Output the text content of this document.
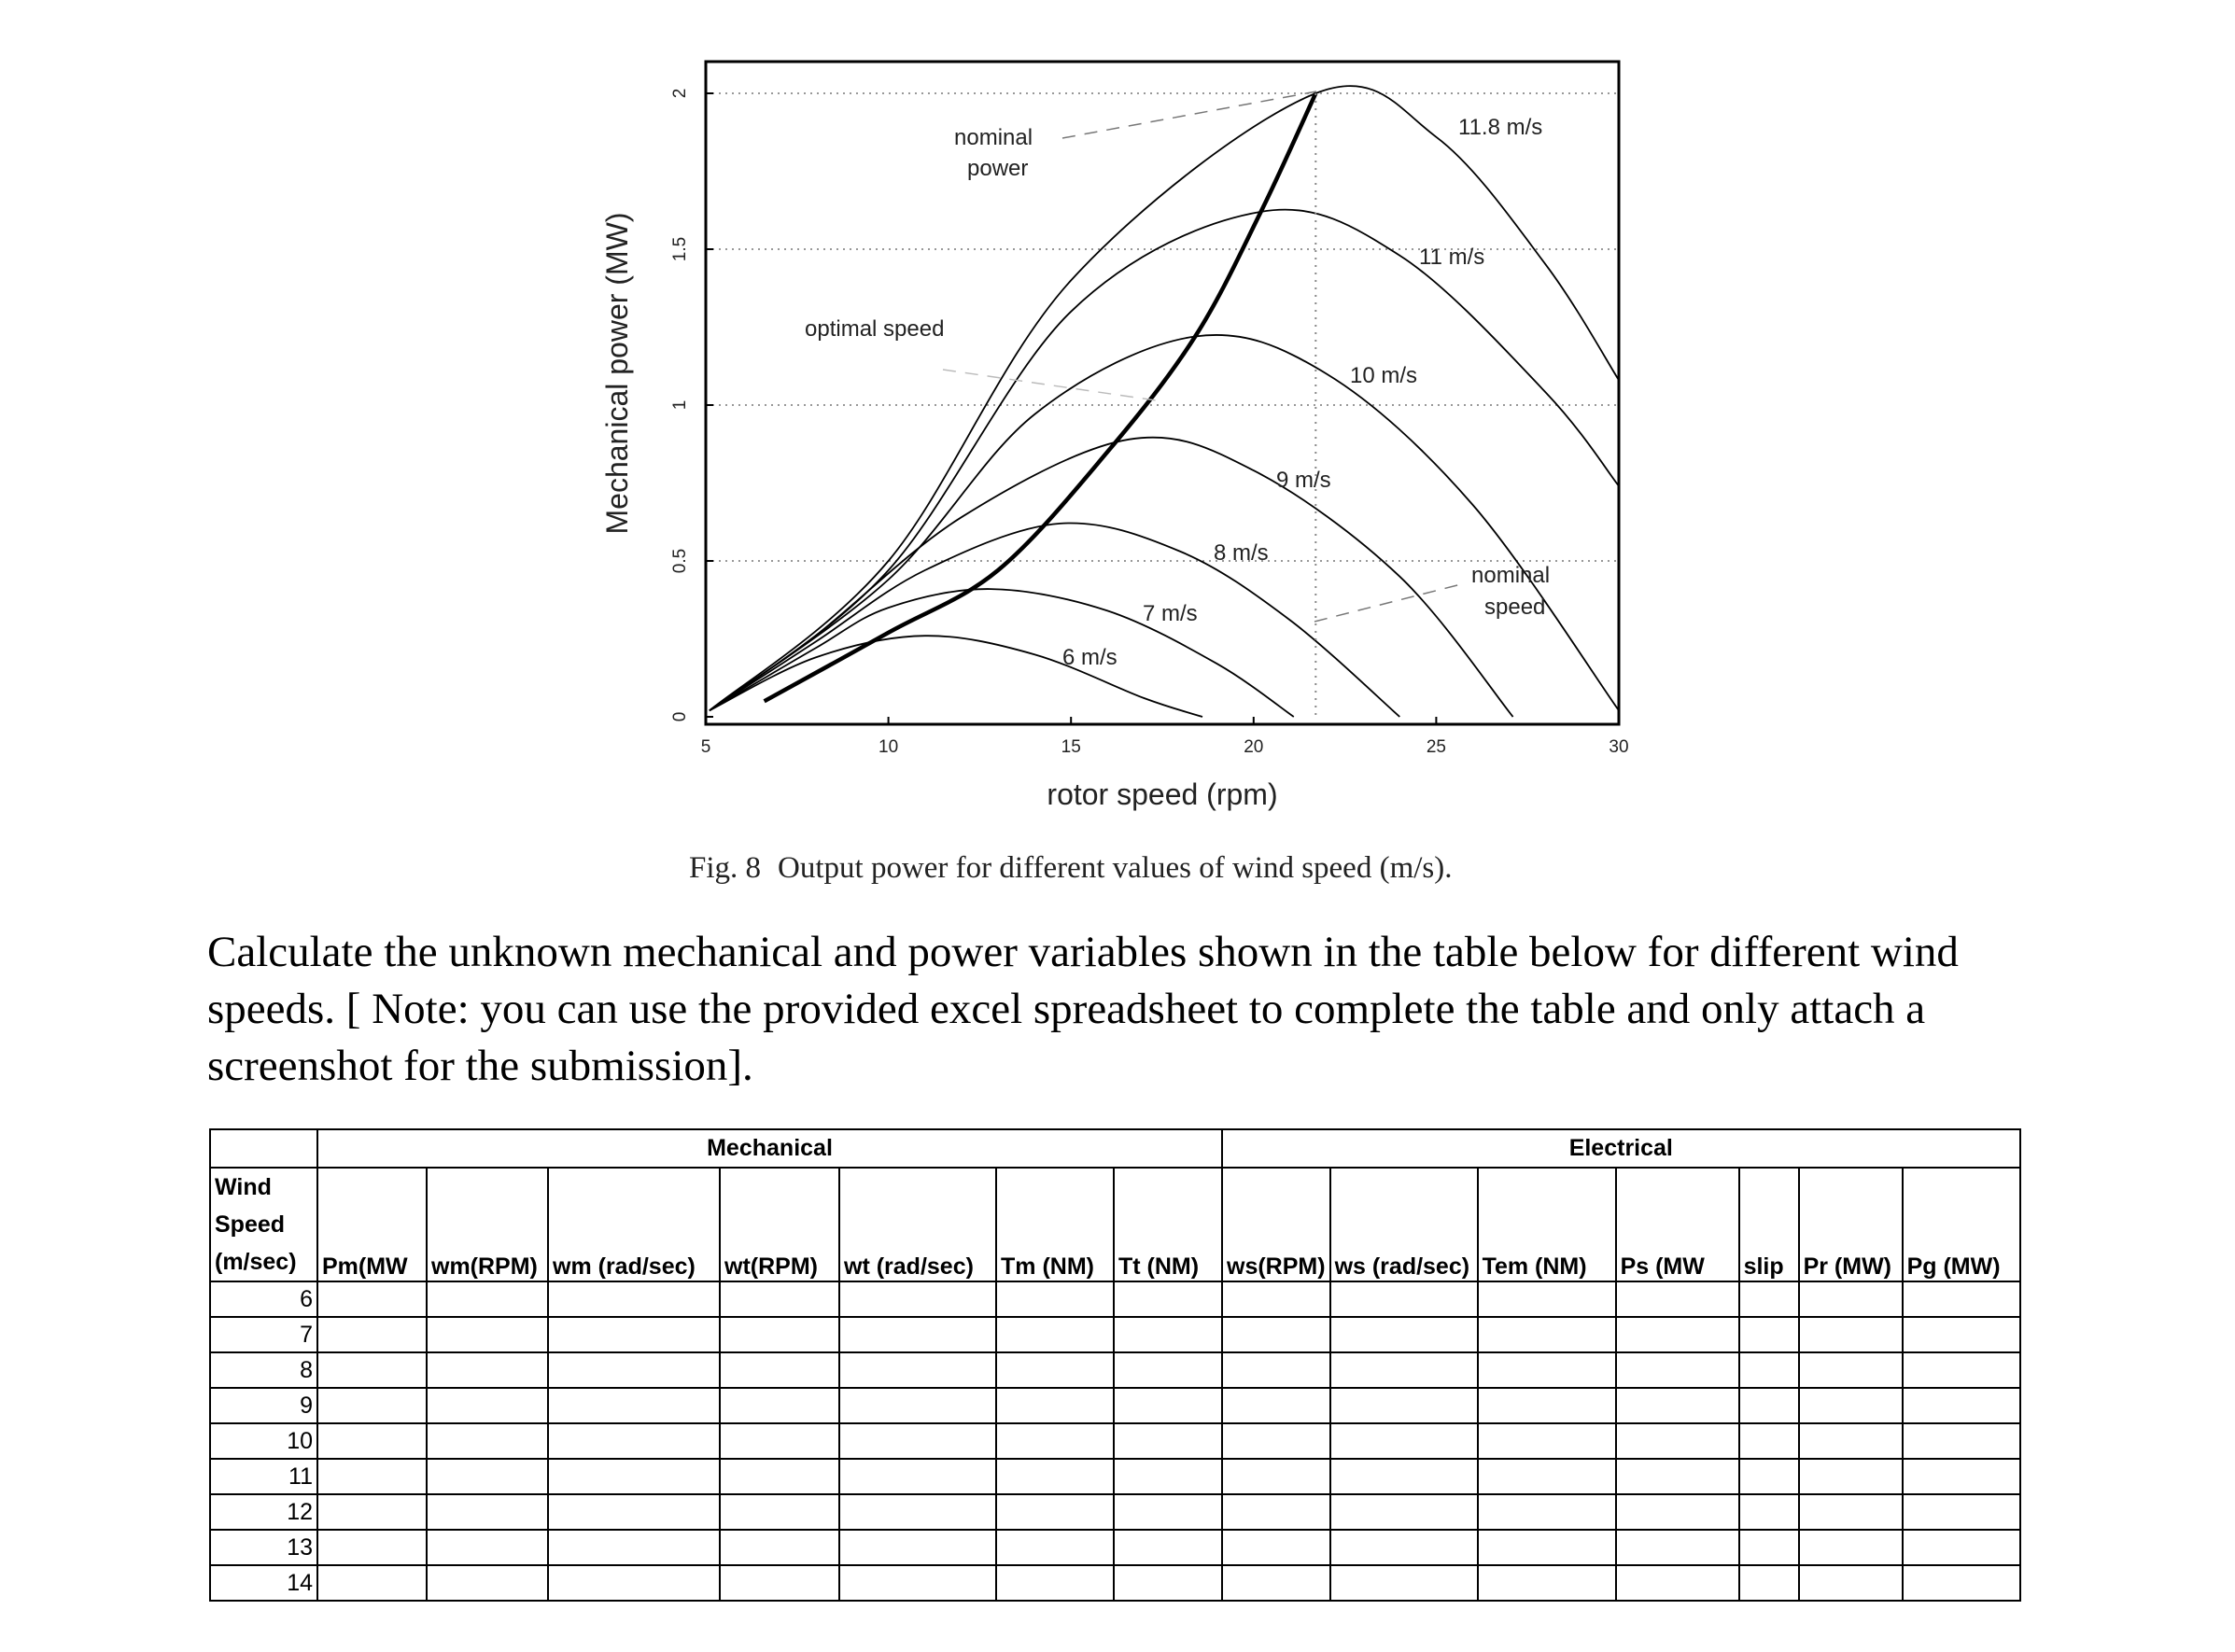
5	10	15	20	25	30
0
0.5
1
1.5
2
11.8 m/s
11 m/s
10 m/s
9 m/s
8 m/s
7 m/s
6 m/s
nominal
power
optimal speed
nominal
speed
rotor speed (rpm)
Mechanical power (MW)
Fig. 8 Output power for different values of wind speed (m/s).

Calculate the unknown mechanical and power variables shown in the table below for different wind speeds. [ Note: you can use the provided excel spreadsheet to complete the table and only attach a screenshot for the submission].

	Mechanical							Electrical						
Wind
Speed
(m/sec)	Pm(MW	wm(RPM)	wm (rad/sec)	wt(RPM)	wt (rad/sec)	Tm (NM)	Tt (NM)	ws(RPM)	ws (rad/sec)	Tem (NM)	Ps (MW	slip	Pr (MW)	Pg (MW)
6														
7														
8														
9														
10														
11														
12														
13														
14														
